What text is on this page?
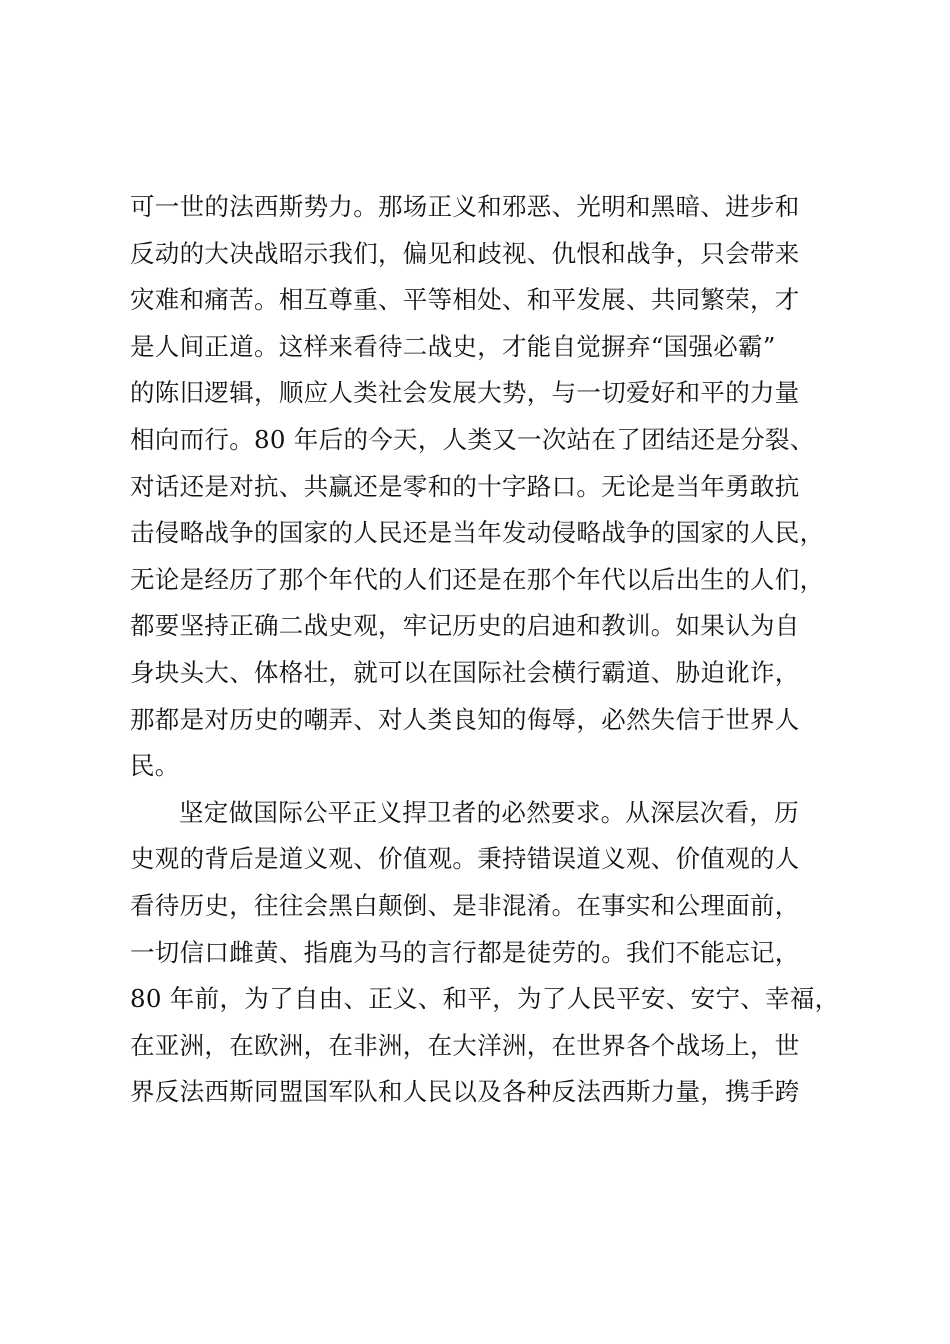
可一世的法西斯势力。那场正义和邪恶、光明和黑暗、进步和
反动的大决战昭示我们，偏见和歧视、仇恨和战争，只会带来
灾难和痛苦。相互尊重、平等相处、和平发展、共同繁荣，才
是人间正道。这样来看待二战史，才能自觉摒弃“国强必霸”
的陈旧逻辑，顺应人类社会发展大势，与一切爱好和平的力量
相向而行。80 年后的今天，人类又一次站在了团结还是分裂、
对话还是对抗、共赢还是零和的十字路口。无论是当年勇敢抗
击侵略战争的国家的人民还是当年发动侵略战争的国家的人民，
无论是经历了那个年代的人们还是在那个年代以后出生的人们，
都要坚持正确二战史观，牢记历史的启迪和教训。如果认为自
身块头大、体格壮，就可以在国际社会横行霸道、胁迫讹诈，
那都是对历史的嘲弄、对人类良知的侮辱，必然失信于世界人
民。
坚定做国际公平正义捍卫者的必然要求。从深层次看，历
史观的背后是道义观、价值观。秉持错误道义观、价值观的人
看待历史，往往会黑白颠倒、是非混淆。在事实和公理面前，
一切信口雌黄、指鹿为马的言行都是徒劳的。我们不能忘记，
80 年前，为了自由、正义、和平，为了人民平安、安宁、幸福，
在亚洲，在欧洲，在非洲，在大洋洲，在世界各个战场上，世
界反法西斯同盟国军队和人民以及各种反法西斯力量，携手跨
